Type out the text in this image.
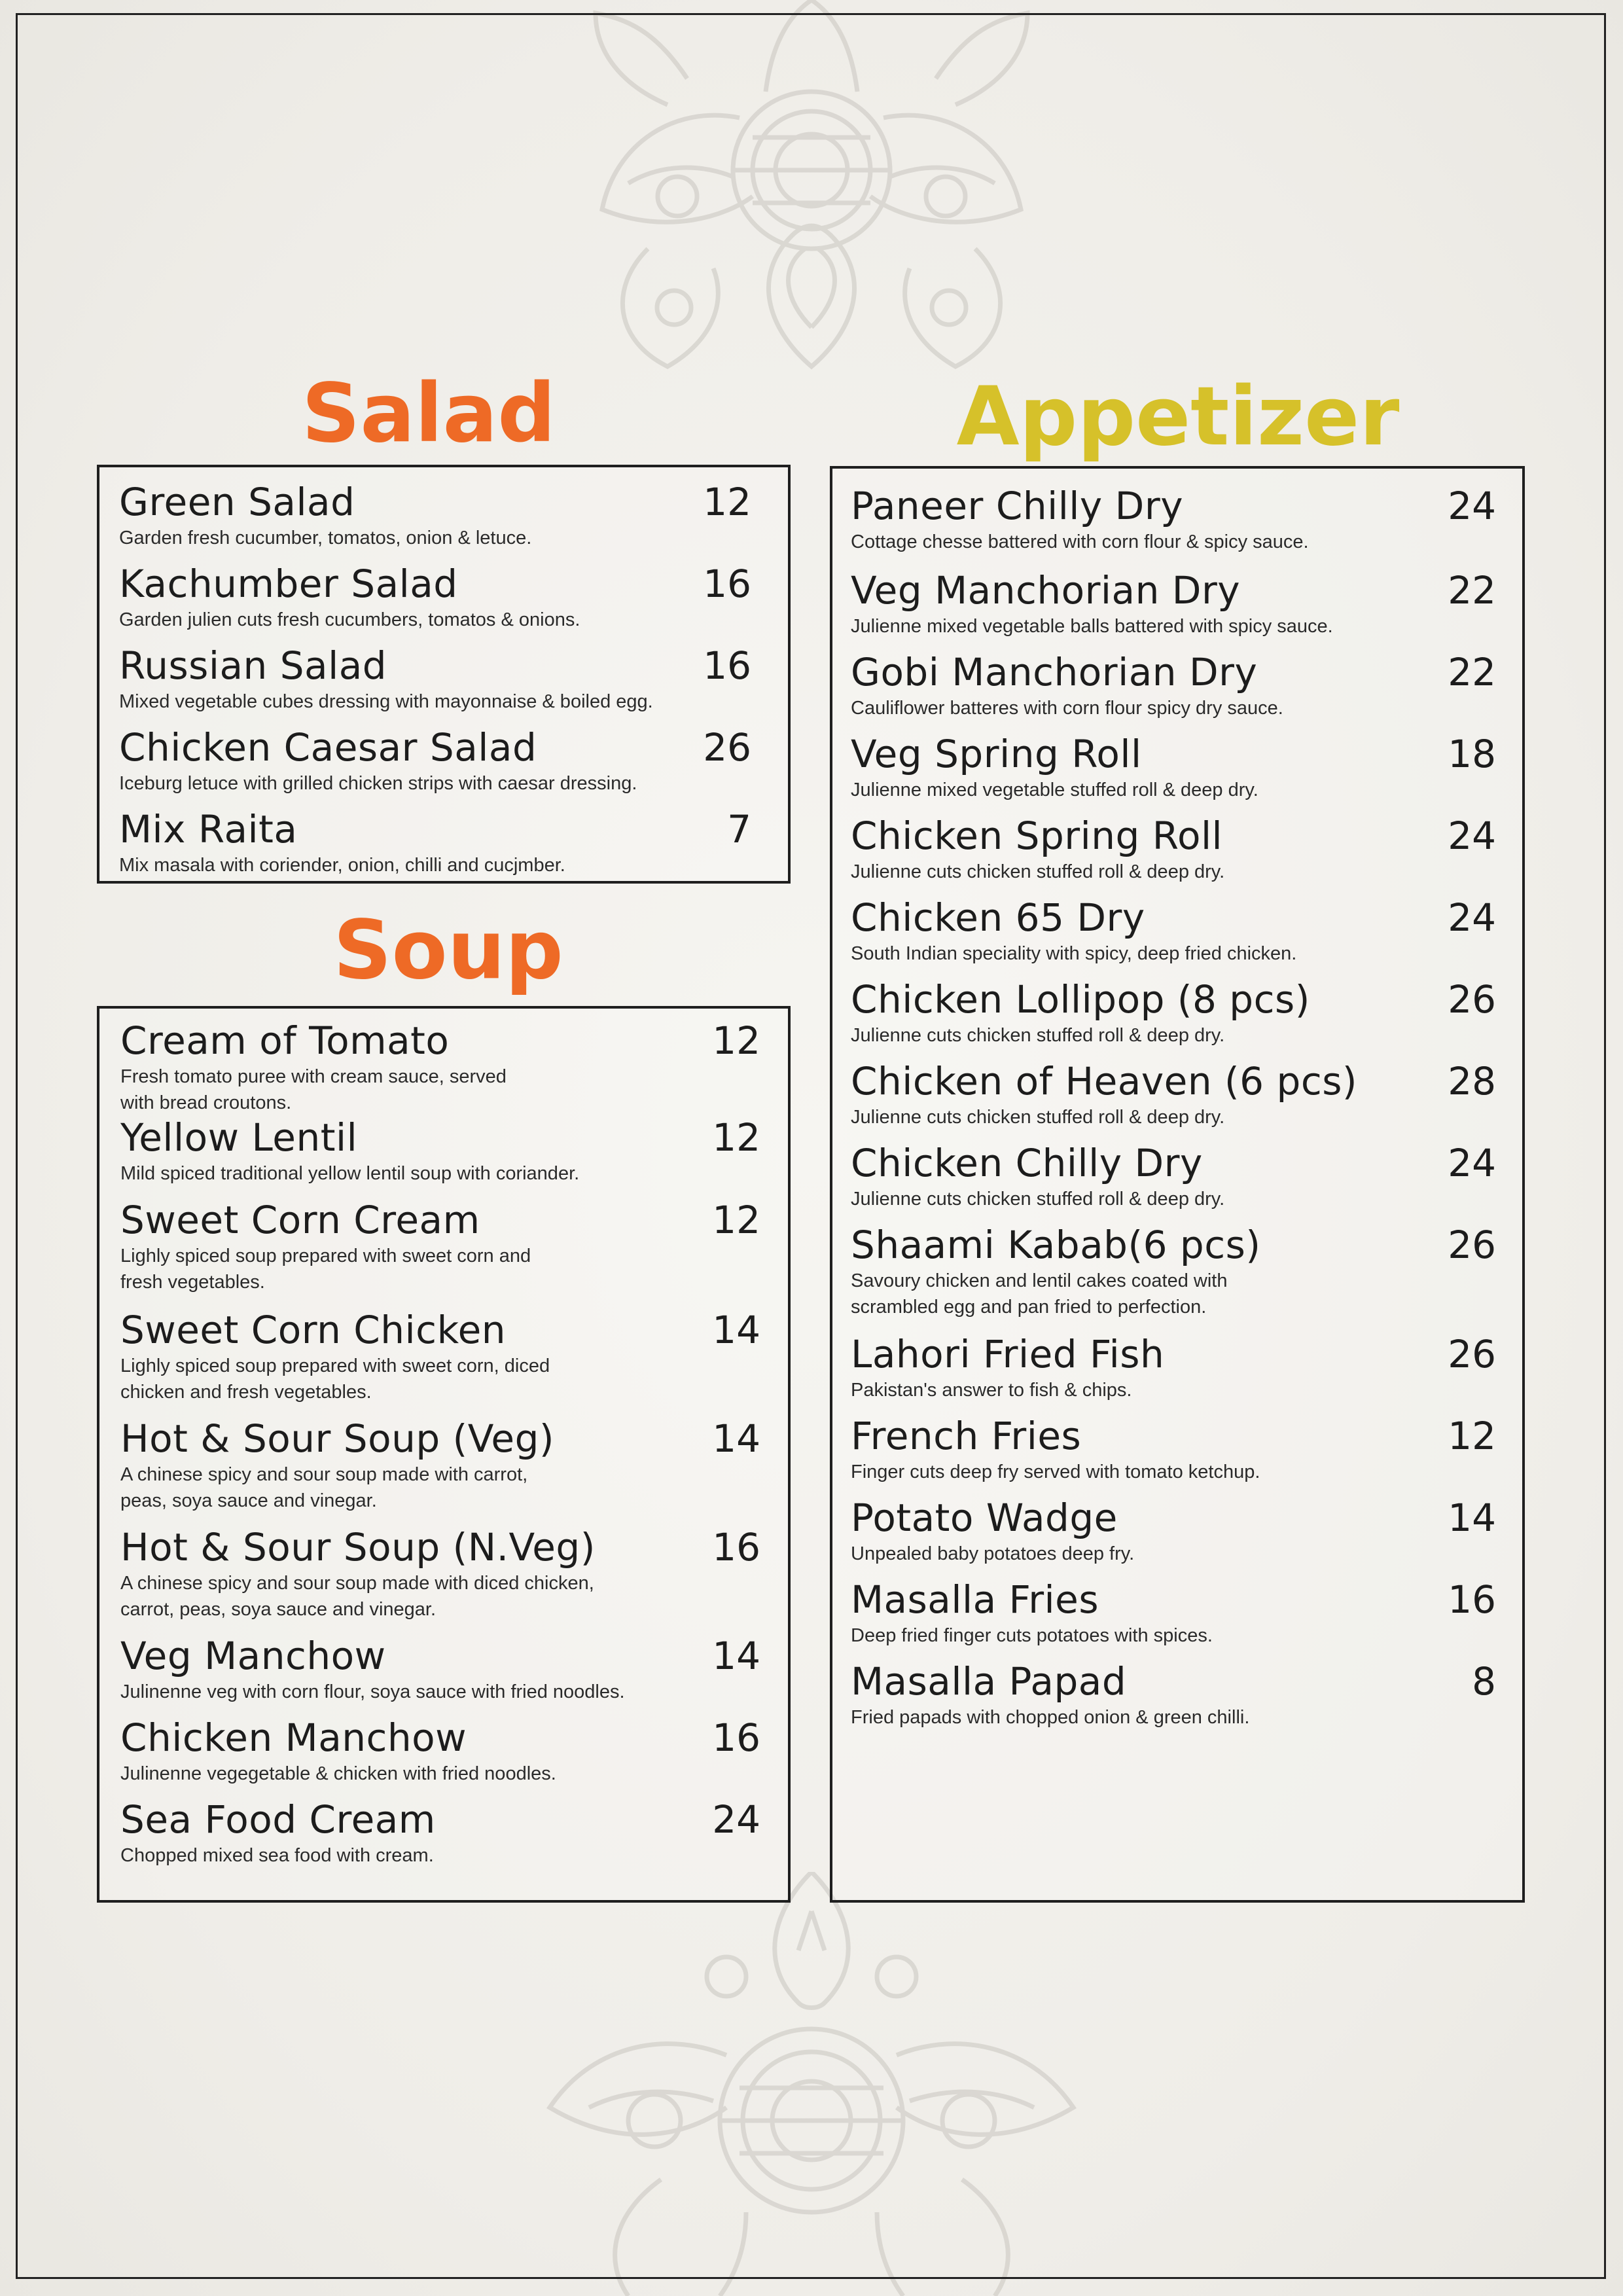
Salad
Soup
Appetizer
Green Salad	12
Garden fresh cucumber, tomatos, onion & letuce.
Kachumber Salad	16
Garden julien cuts fresh cucumbers, tomatos & onions.
Russian Salad	16
Mixed vegetable cubes dressing with mayonnaise & boiled egg.
Chicken Caesar Salad	26
Iceburg letuce with grilled chicken strips with caesar dressing.
Mix Raita	7
Mix masala with coriender, onion, chilli and cucjmber.
Cream of Tomato	12
Fresh tomato puree with cream sauce, served
with bread croutons.
Yellow Lentil	12
Mild spiced traditional yellow lentil soup with coriander.
Sweet Corn Cream	12
Lighly spiced soup prepared with sweet corn and
fresh vegetables.
Sweet Corn Chicken	14
Lighly spiced soup prepared with sweet corn, diced
chicken and fresh vegetables.
Hot & Sour Soup (Veg)	14
A chinese spicy and sour soup made with carrot,
peas, soya sauce and vinegar.
Hot & Sour Soup (N.Veg)	16
A chinese spicy and sour soup made with diced chicken,
carrot, peas, soya sauce and vinegar.
Veg Manchow	14
Julinenne veg with corn flour, soya sauce with fried noodles.
Chicken Manchow	16
Julinenne vegegetable & chicken with fried noodles.
Sea Food Cream	24
Chopped mixed sea food with cream.
Paneer Chilly Dry	24
Cottage chesse battered with corn flour & spicy sauce.
Veg Manchorian Dry	22
Julienne mixed vegetable balls battered with spicy sauce.
Gobi Manchorian Dry	22
Cauliflower batteres with corn flour spicy dry sauce.
Veg Spring Roll	18
Julienne mixed vegetable stuffed roll & deep dry.
Chicken Spring Roll	24
Julienne cuts chicken stuffed roll & deep dry.
Chicken 65 Dry	24
South Indian speciality with spicy, deep fried chicken.
Chicken Lollipop (8 pcs)	26
Julienne cuts chicken stuffed roll & deep dry.
Chicken of Heaven (6 pcs) 28
Julienne cuts chicken stuffed roll & deep dry.
Chicken Chilly Dry	24
Julienne cuts chicken stuffed roll & deep dry.
Shaami Kabab(6 pcs)	26
Savoury chicken and lentil cakes coated with
scrambled egg and pan fried to perfection.
Lahori Fried Fish	26
Pakistan's answer to fish & chips.
French Fries	12
Finger cuts deep fry served with tomato ketchup.
Potato Wadge	14
Unpealed baby potatoes deep fry.
Masalla Fries	16
Deep fried finger cuts potatoes with spices.
Masalla Papad	8
Fried papads with chopped onion & green chilli.
